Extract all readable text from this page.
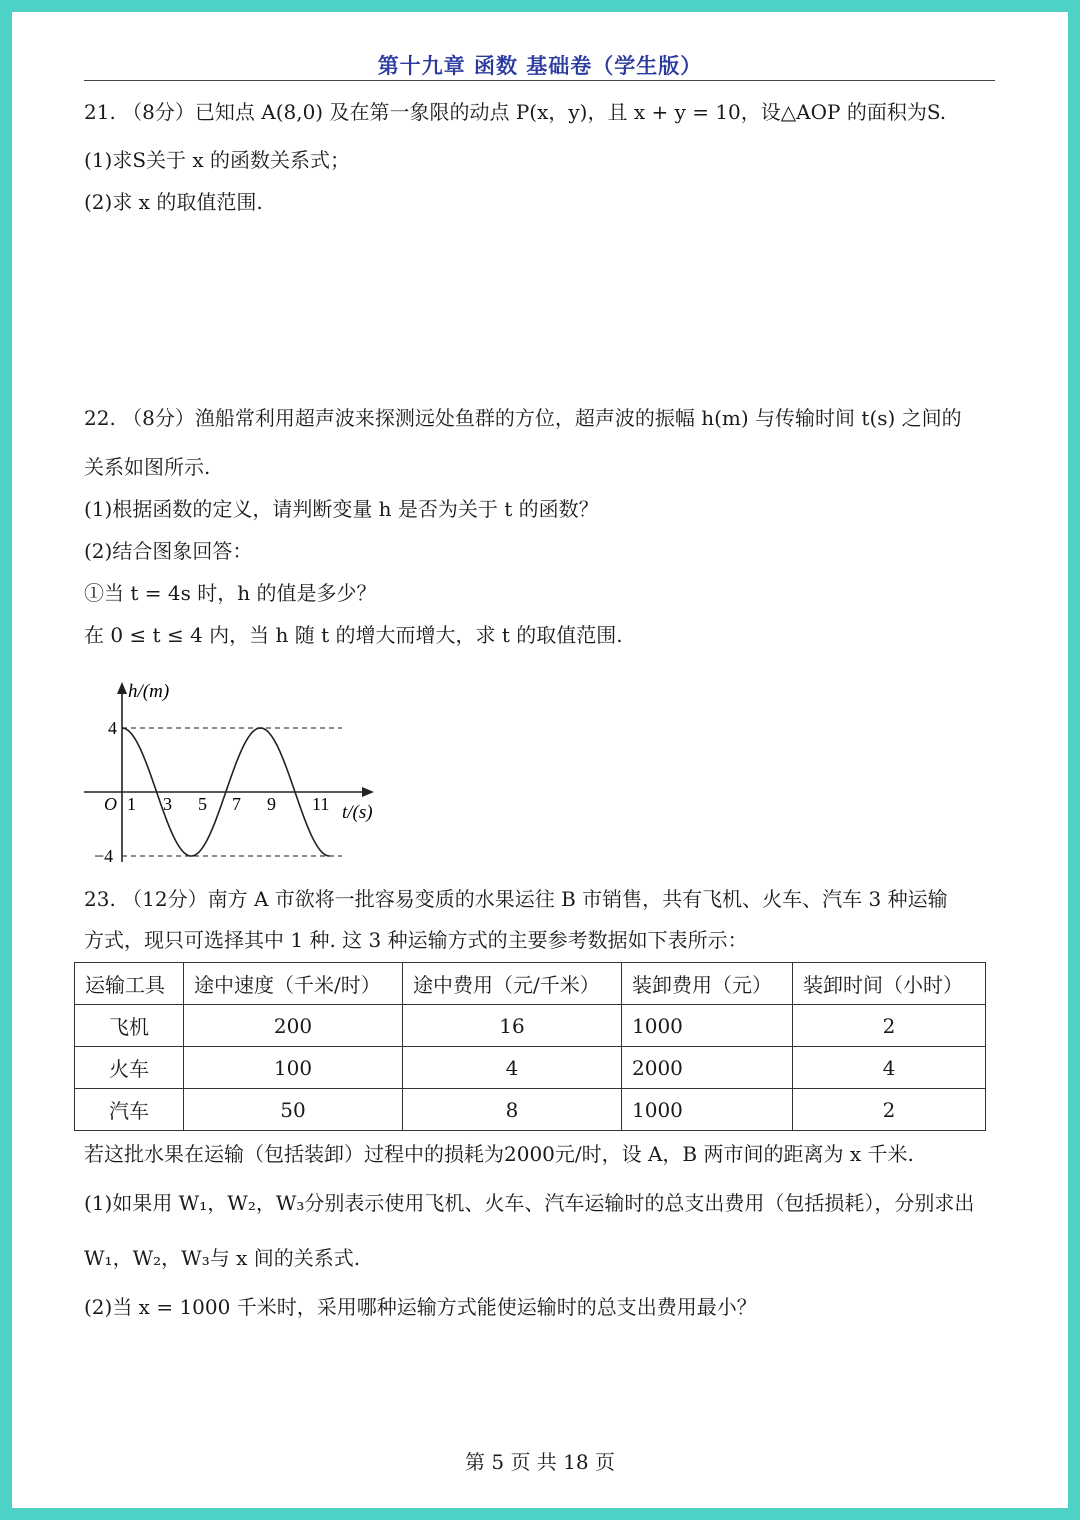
第十九章 函数 基础卷（学生版）
21. （8分）已知点 A(8,0) 及在第一象限的动点 P(x，y)，且 x + y = 10，设△AOP 的面积为S.
(1)求S关于 x 的函数关系式；
(2)求 x 的取值范围.
22. （8分）渔船常利用超声波来探测远处鱼群的方位，超声波的振幅 h(m) 与传输时间 t(s) 之间的
关系如图所示.
(1)根据函数的定义，请判断变量 h 是否为关于 t 的函数？
(2)结合图象回答：
①当 t = 4s 时，h 的值是多少？
在 0 ≤ t ≤ 4 内，当 h 随 t 的增大而增大，求 t 的取值范围.
h/(m)
t/(s)
O
4
−4
1 3 5 7 9 11
23. （12分）南方 A 市欲将一批容易变质的水果运往 B 市销售，共有飞机、火车、汽车 3 种运输
方式，现只可选择其中 1 种. 这 3 种运输方式的主要参考数据如下表所示：
运输工具	途中速度（千米/时）	途中费用（元/千米）	装卸费用（元）	装卸时间（小时）
飞机	200	16	1000	2
火车	100	4	2000	4
汽车	50	8	1000	2
若这批水果在运输（包括装卸）过程中的损耗为2000元/时，设 A，B 两市间的距离为 x 千米.
(1)如果用 W₁，W₂，W₃分别表示使用飞机、火车、汽车运输时的总支出费用（包括损耗），分别求出
W₁，W₂，W₃与 x 间的关系式.
(2)当 x = 1000 千米时，采用哪种运输方式能使运输时的总支出费用最小？
第 5 页 共 18 页
